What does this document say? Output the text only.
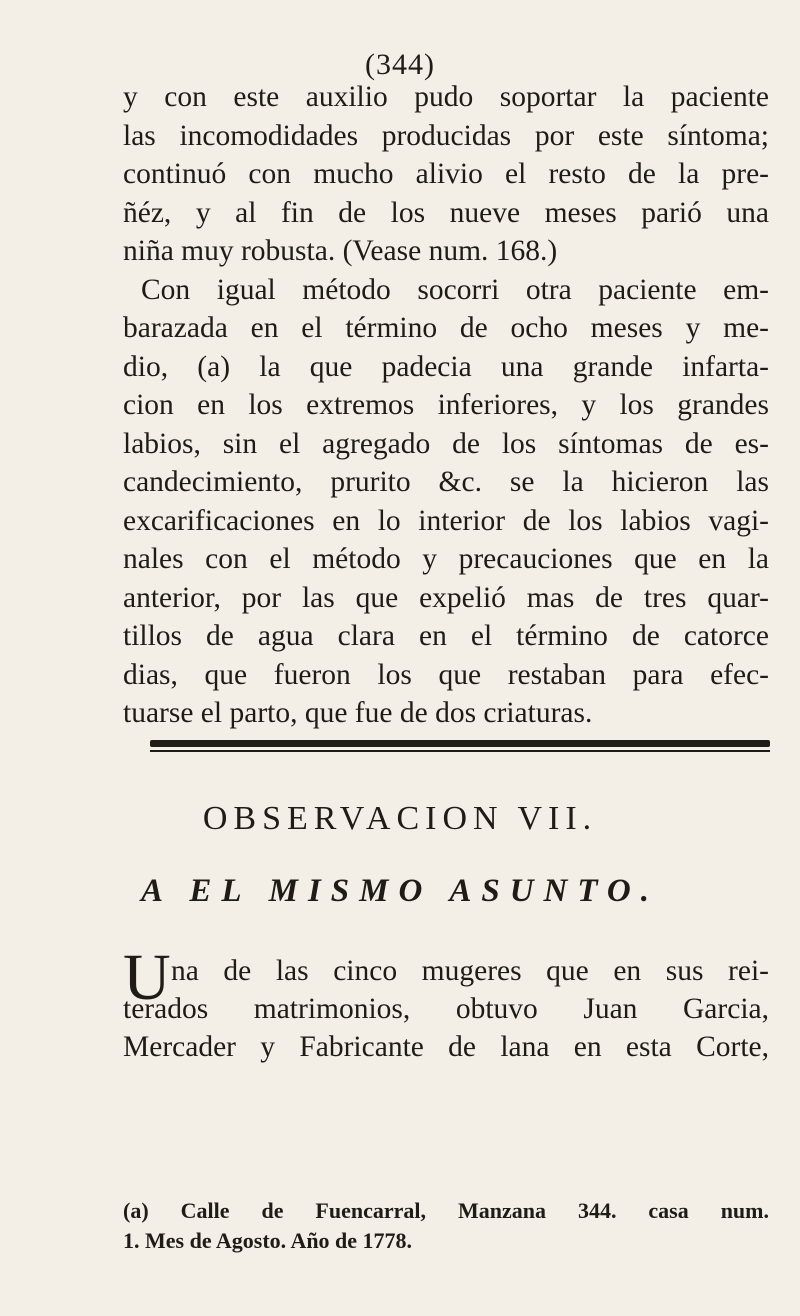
(344)
y con este auxilio pudo soportar la paciente
las incomodidades producidas por este síntoma;
continuó con mucho alivio el resto de la pre-
ñéz, y al fin de los nueve meses parió una
niña muy robusta. (Vease num. 168.)
Con igual método socorri otra paciente em-
barazada en el término de ocho meses y me-
dio, (a) la que padecia una grande infarta-
cion en los extremos inferiores, y los grandes
labios, sin el agregado de los síntomas de es-
candecimiento, prurito &c. se la hicieron las
excarificaciones en lo interior de los labios vagi-
nales con el método y precauciones que en la
anterior, por las que expelió mas de tres quar-
tillos de agua clara en el término de catorce
dias, que fueron los que restaban para efec-
tuarse el parto, que fue de dos criaturas.
OBSERVACION VII.
A EL MISMO ASUNTO.
U na de las cinco mugeres que en sus rei-
terados matrimonios, obtuvo Juan Garcia,
Mercader y Fabricante de lana en esta Corte,
(a) Calle de Fuencarral, Manzana 344. casa num.
1. Mes de Agosto. Año de 1778.
